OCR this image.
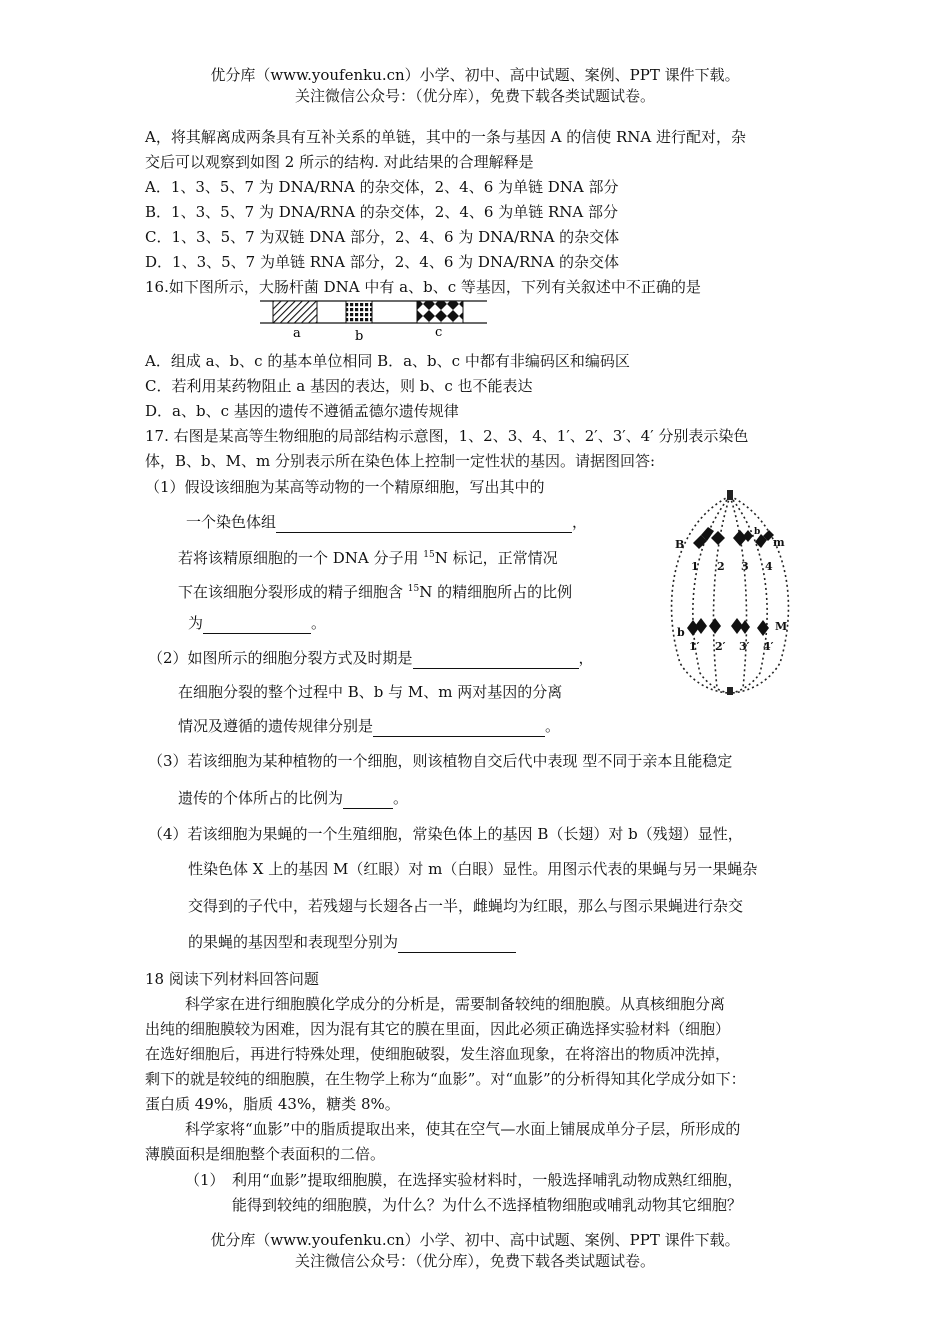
优分库（www.youfenku.cn）小学、初中、高中试题、案例、PPT 课件下载。
关注微信公众号：（优分库），免费下载各类试题试卷。
A，将其解离成两条具有互补关系的单链，其中的一条与基因 A 的信使 RNA 进行配对，杂
交后可以观察到如图 2 所示的结构. 对此结果的合理解释是
A．1、3、5、7 为 DNA/RNA 的杂交体，2、4、6 为单链 DNA 部分
B．1、3、5、7 为 DNA/RNA 的杂交体，2、4、6 为单链 RNA 部分
C．1、3、5、7 为双链 DNA 部分，2、4、6 为 DNA/RNA 的杂交体
D．1、3、5、7 为单链 RNA 部分，2、4、6 为 DNA/RNA 的杂交体
16.如下图所示，大肠杆菌 DNA 中有 a、b、c 等基因，下列有关叙述中不正确的是
a	b	c
A．组成 a、b、c 的基本单位相同 B．a、b、c 中都有非编码区和编码区
C．若利用某药物阻止 a 基因的表达，则 b、c 也不能表达
D．a、b、c 基因的遗传不遵循孟德尔遗传规律
17. 右图是某高等生物细胞的局部结构示意图，1、2、3、4、1′、2′、3′、4′ 分别表示染色
体，B、b、M、m 分别表示所在染色体上控制一定性状的基因。请据图回答:
（1）假设该细胞为某高等动物的一个精原细胞，写出其中的
一个染色体组	，
若将该精原细胞的一个 DNA 分子用 $^{15}$N 标记，正常情况
下在该细胞分裂形成的精子细胞含 $^{15}$N 的精细胞所占的比例
为	。
（2）如图所示的细胞分裂方式及时期是	，
在细胞分裂的整个过程中 B、b 与 M、m 两对基因的分离
情况及遵循的遗传规律分别是	。
（3）若该细胞为某种植物的一个细胞，则该植物自交后代中表现 型不同于亲本且能稳定
遗传的个体所占的比例为	。
（4）若该细胞为果蝇的一个生殖细胞，常染色体上的基因 B（长翅）对 b（残翅）显性，
性染色体 X 上的基因 M（红眼）对 m（白眼）显性。用图示代表的果蝇与另一果蝇杂
交得到的子代中，若残翅与长翅各占一半，雌蝇均为红眼，那么与图示果蝇进行杂交
的果蝇的基因型和表现型分别为
B
b
m
1 2 3 4
b	M
1′ 2′ 3′ 4′
18 阅读下列材料回答问题
科学家在进行细胞膜化学成分的分析是，需要制备较纯的细胞膜。从真核细胞分离
出纯的细胞膜较为困难，因为混有其它的膜在里面，因此必须正确选择实验材料（细胞）
在选好细胞后，再进行特殊处理，使细胞破裂，发生溶血现象，在将溶出的物质冲洗掉，
剩下的就是较纯的细胞膜，在生物学上称为“血影”。对“血影”的分析得知其化学成分如下：
蛋白质 49%，脂质 43%，糖类 8%。
科学家将“血影”中的脂质提取出来，使其在空气—水面上铺展成单分子层，所形成的
薄膜面积是细胞整个表面积的二倍。
（1） 利用“血影”提取细胞膜，在选择实验材料时，一般选择哺乳动物成熟红细胞，
能得到较纯的细胞膜，为什么？为什么不选择植物细胞或哺乳动物其它细胞？
优分库（www.youfenku.cn）小学、初中、高中试题、案例、PPT 课件下载。
关注微信公众号：（优分库），免费下载各类试题试卷。
